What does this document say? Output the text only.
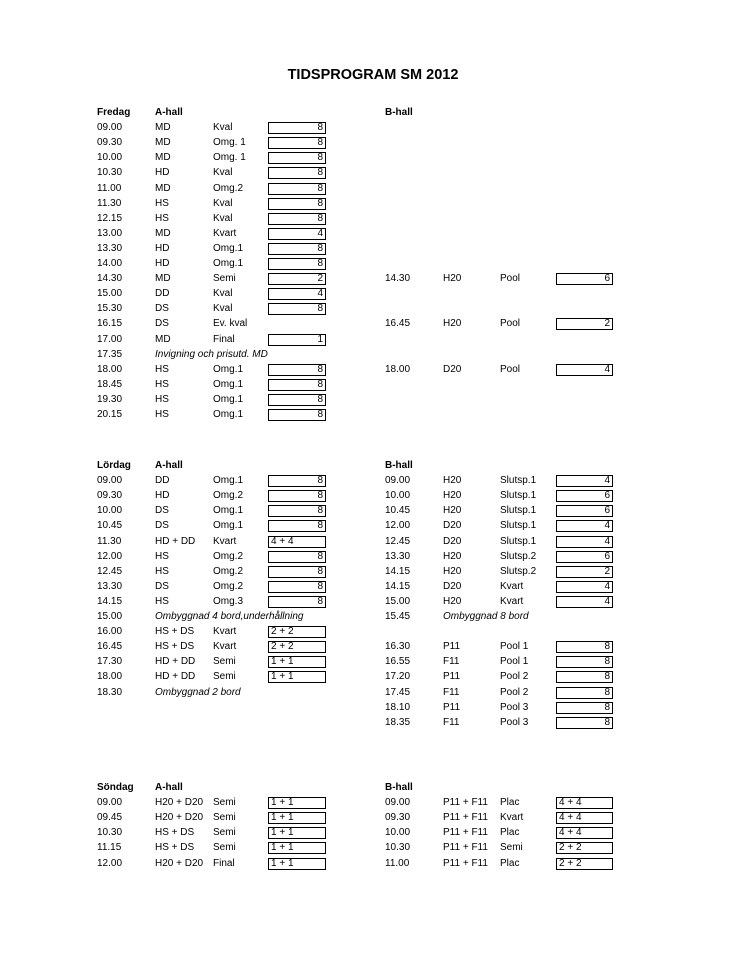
TIDSPROGRAM SM 2012
Fredag A-hall	B-hall
09.00	MD	Kval	8
09.30	MD	Omg. 1	8
10.00	MD	Omg. 1	8
10.30	HD	Kval	8
11.00	MD	Omg.2	8
11.30	HS	Kval	8
12.15	HS	Kval	8
13.00	MD	Kvart	4
13.30	HD	Omg.1	8
14.00	HD	Omg.1	8
14.30	MD	Semi	2
15.00	DD	Kval	4
15.30	DS	Kval	8
16.15	DS	Ev. kval
17.00	MD	Final	1
17.35	Invigning och prisutd. MD
18.00	HS	Omg.1	8
18.45	HS	Omg.1	8
19.30	HS	Omg.1	8
20.15	HS	Omg.1	8
14.30	H20	Pool	6
16.45	H20	Pool	2
18.00	D20	Pool	4
Lördag A-hall	B-hall
09.00	DD	Omg.1	8
09.30	HD	Omg.2	8
10.00	DS	Omg.1	8
10.45	DS	Omg.1	8
11.30	HD + DD Kvart	4 + 4
12.00	HS	Omg.2	8
12.45	HS	Omg.2	8
13.30	DS	Omg.2	8
14.15	HS	Omg.3	8
15.00	Ombyggnad 4 bord,underhållning
16.00	HS + DS Kvart	2 + 2
16.45	HS + DS Kvart	2 + 2
17.30	HD + DD Semi	1 + 1
18.00	HD + DD Semi	1 + 1
18.30	Ombyggnad 2 bord
09.00	H20	Slutsp.1	4
10.00	H20	Slutsp.1	6
10.45	H20	Slutsp.1	6
12.00	D20	Slutsp.1	4
12.45	D20	Slutsp.1	4
13.30	H20	Slutsp.2	6
14.15	H20	Slutsp.2	2
14.15	D20	Kvart	4
15.00	H20	Kvart	4
15.45	Ombyggnad 8 bord
16.30	P11	Pool 1	8
16.55	F11	Pool 1	8
17.20	P11	Pool 2	8
17.45	F11	Pool 2	8
18.10	P11	Pool 3	8
18.35	F11	Pool 3	8
Söndag A-hall	B-hall
09.00	H20 + D20 Semi	1 + 1
09.45	H20 + D20 Semi	1 + 1
10.30	HS + DS Semi	1 + 1
11.15	HS + DS Semi	1 + 1
12.00	H20 + D20 Final	1 + 1
09.00	P11 + F11 Plac	4 + 4
09.30	P11 + F11 Kvart	4 + 4
10.00	P11 + F11 Plac	4 + 4
10.30	P11 + F11 Semi	2 + 2
11.00	P11 + F11 Plac	2 + 2
